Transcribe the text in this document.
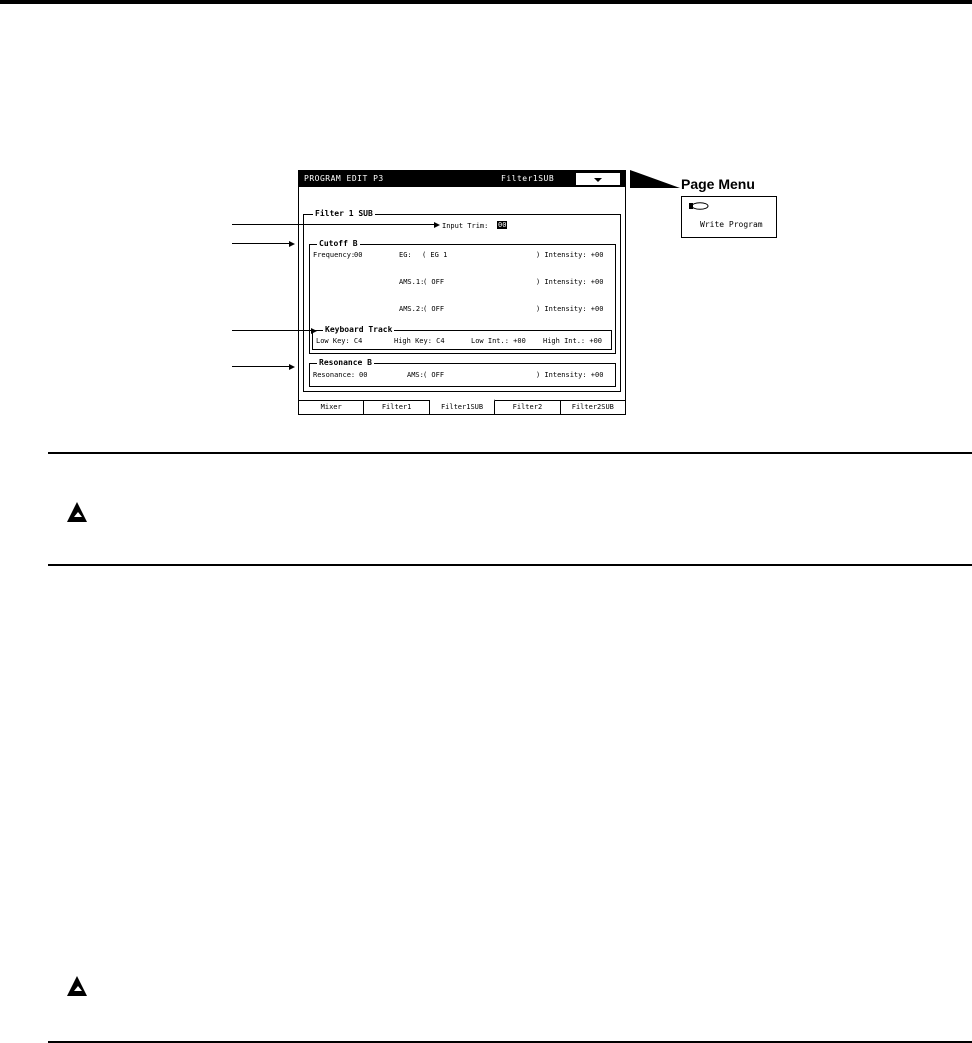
PROGRAM EDIT P3	Filter1SUB
Filter 1 SUB
Input Trim: 00
Cutoff B
Frequency:
00	EG: ( EG 1	) Intensity: +00
AMS.1:
( OFF	) Intensity: +00
AMS.2:
( OFF	) Intensity: +00
Keyboard Track
Low Key: C4	High Key: C4	Low Int.: +00 High Int.: +00
Resonance B
Resonance: 00	AMS: ( OFF	) Intensity: +00
Mixer	Filter1	Filter1SUB	Filter2	Filter2SUB
Page Menu
Write Program
